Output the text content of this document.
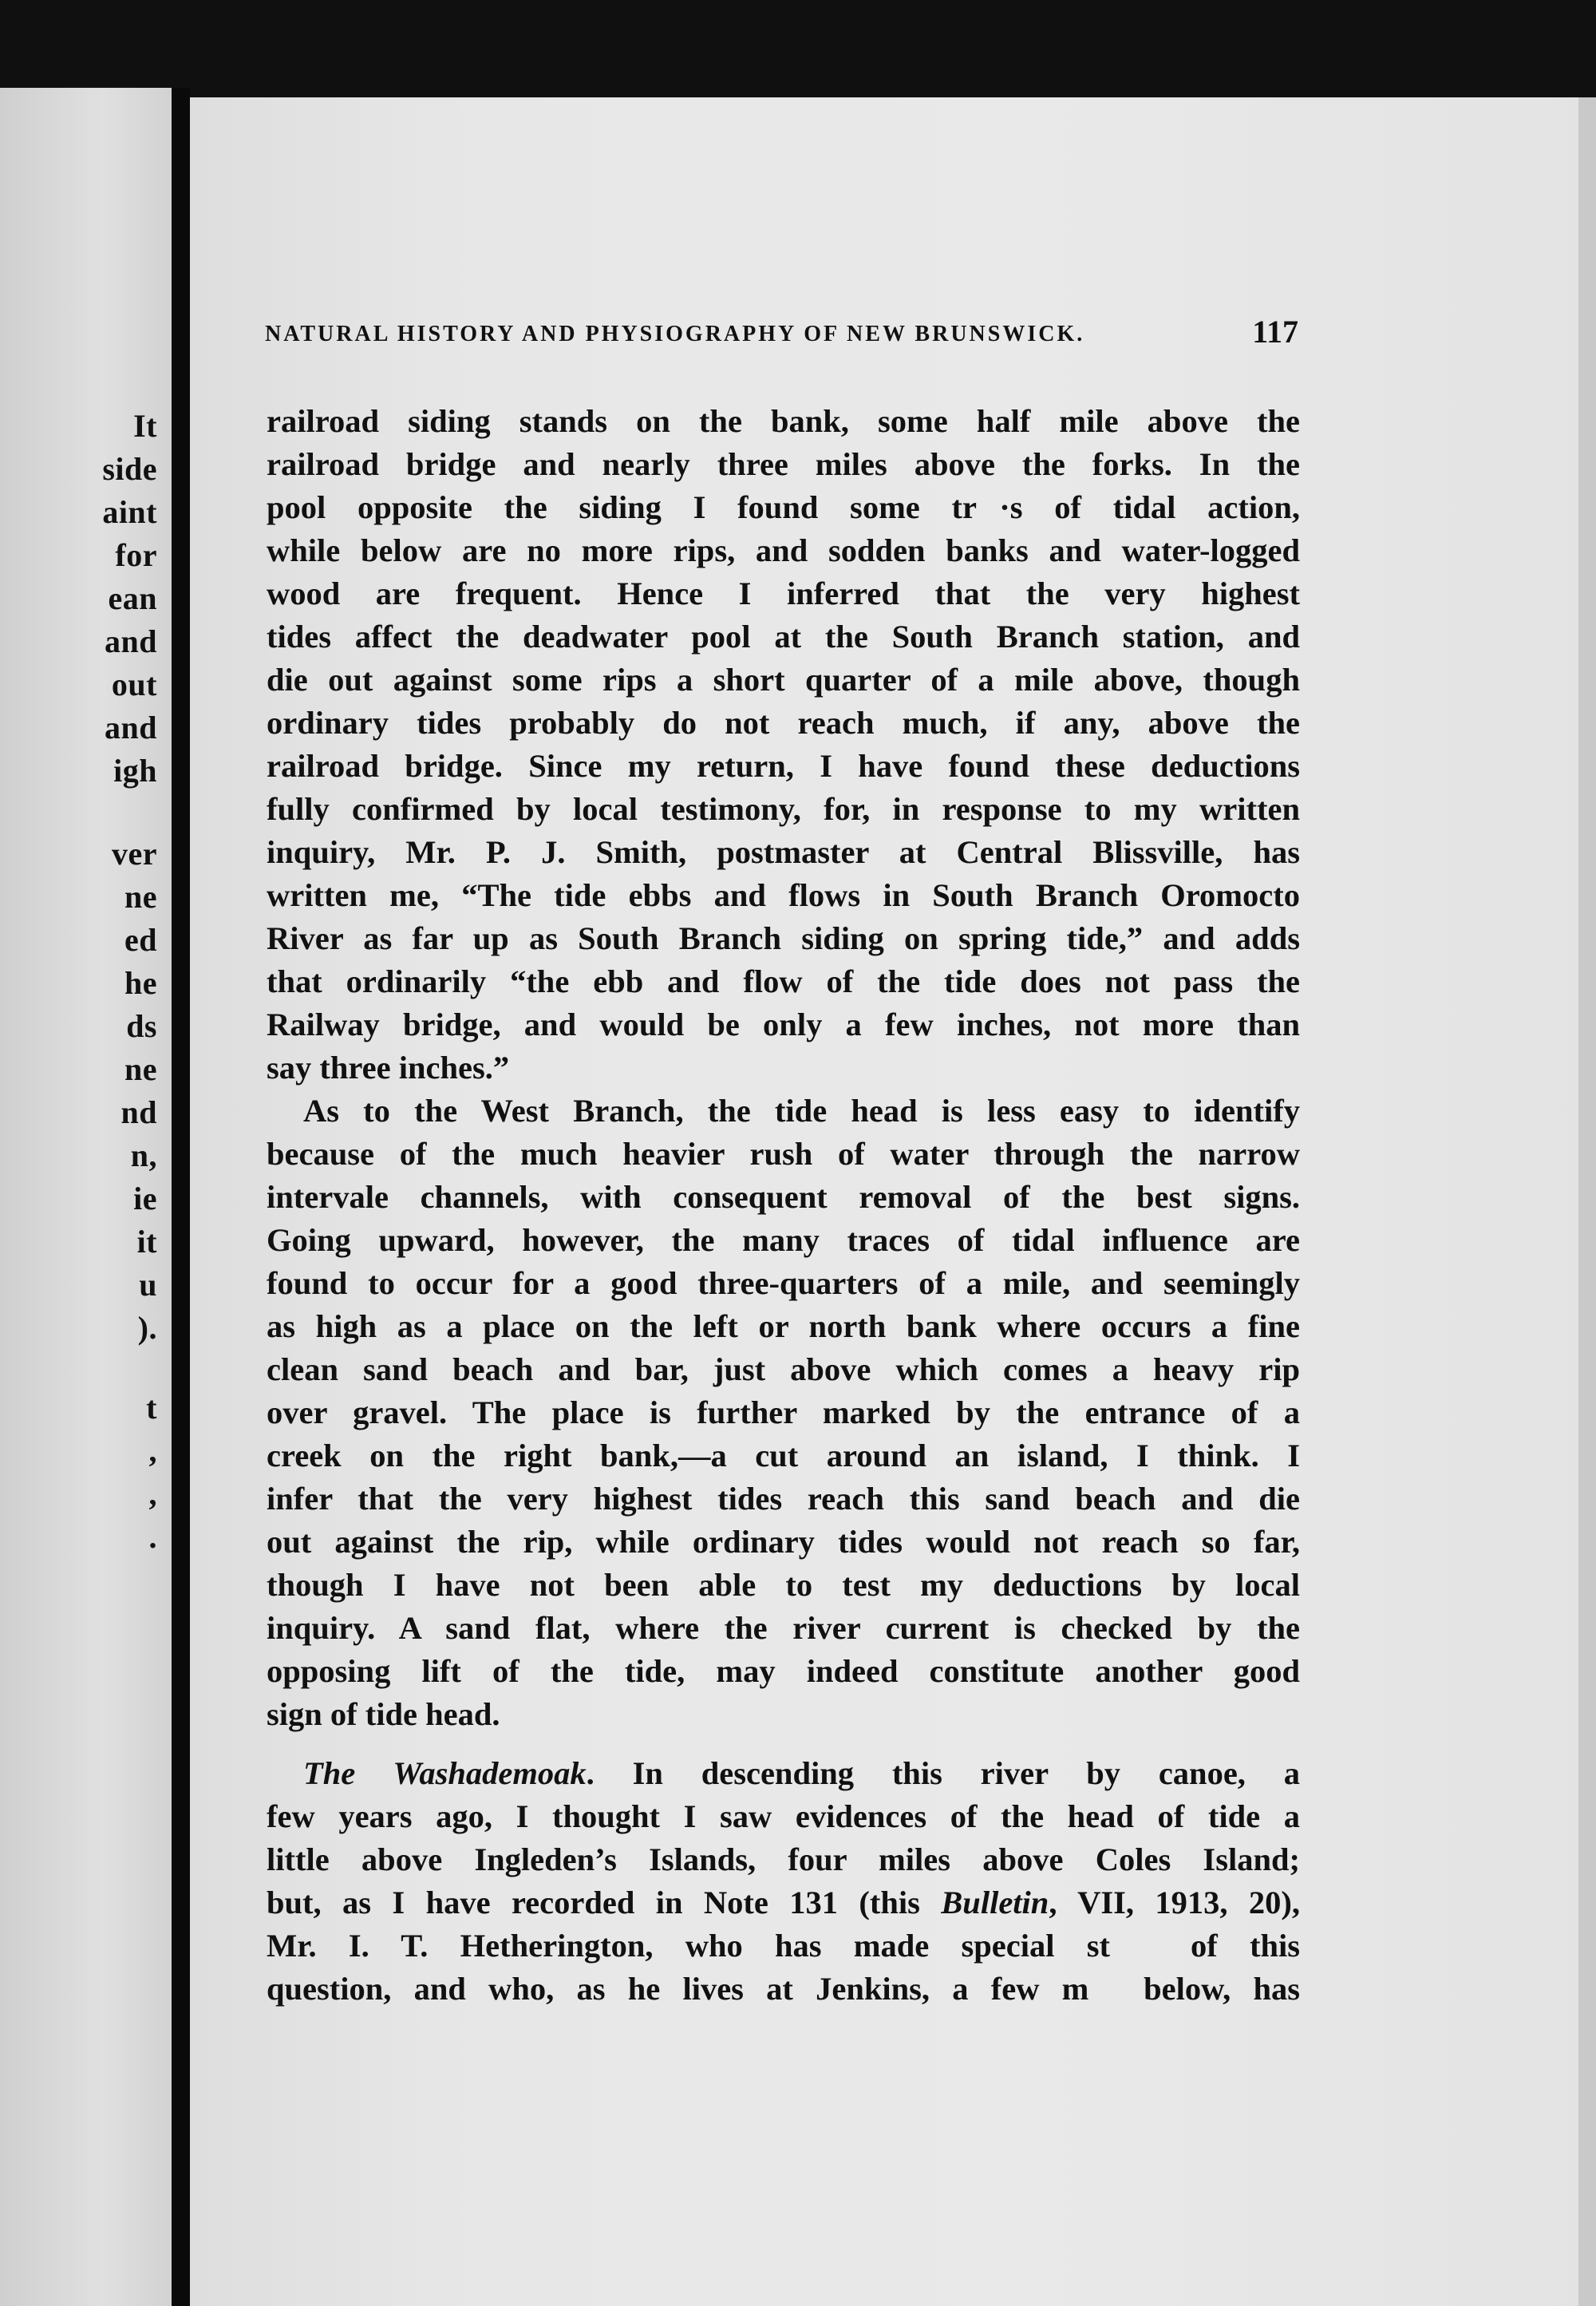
It
side
aint
for
ean
and
out
and
igh
ver
ne
ed
he
ds
ne
nd
n,
ie
it
u
).
t
,
,
.
NATURAL HISTORY AND PHYSIOGRAPHY OF NEW BRUNSWICK.	117
railroad siding stands on the bank, some half mile above the
railroad bridge and nearly three miles above the forks. In the
pool opposite the siding I found some tr  ·s of tidal action,
while below are no more rips, and sodden banks and water-logged
wood are frequent. Hence I inferred that the very highest
tides affect the deadwater pool at the South Branch station, and
die out against some rips a short quarter of a mile above, though
ordinary tides probably do not reach much, if any, above the
railroad bridge. Since my return, I have found these deductions
fully confirmed by local testimony, for, in response to my written
inquiry, Mr. P. J. Smith, postmaster at Central Blissville, has
written me, “The tide ebbs and flows in South Branch Oromocto
River as far up as South Branch siding on spring tide,” and adds
that ordinarily “the ebb and flow of the tide does not pass the
Railway bridge, and would be only a few inches, not more than
say three inches.”
As to the West Branch, the tide head is less easy to identify
because of the much heavier rush of water through the narrow
intervale channels, with consequent removal of the best signs.
Going upward, however, the many traces of tidal influence are
found to occur for a good three-quarters of a mile, and seemingly
as high as a place on the left or north bank where occurs a fine
clean sand beach and bar, just above which comes a heavy rip
over gravel. The place is further marked by the entrance of a
creek on the right bank,—a cut around an island, I think. I
infer that the very highest tides reach this sand beach and die
out against the rip, while ordinary tides would not reach so far,
though I have not been able to test my deductions by local
inquiry. A sand flat, where the river current is checked by the
opposing lift of the tide, may indeed constitute another good
sign of tide head.
The Washademoak. In descending this river by canoe, a
few years ago, I thought I saw evidences of the head of tide a
little above Ingleden’s Islands, four miles above Coles Island;
but, as I have recorded in Note 131 (this Bulletin, VII, 1913, 20),
Mr. I. T. Hetherington, who has made special st    of this
question, and who, as he lives at Jenkins, a few m   below, has
